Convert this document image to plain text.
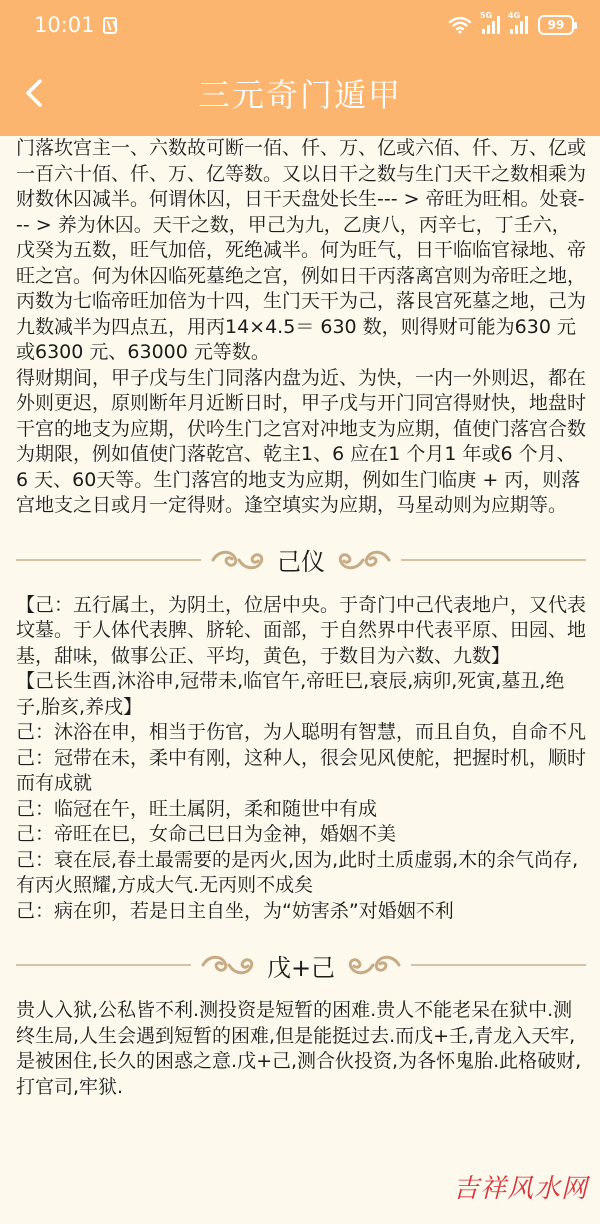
10:01	5G 4G
99
三元奇门遁甲

门落坎宫主一、六数故可断一佰、仟、万、亿或六佰、仟、万、亿或一百六十佰、仟、万、亿等数。又以日干之数与生门天干之数相乘为财数休囚减半。何谓休囚，日干天盘处长生--- > 帝旺为旺相。处衰--- > 养为休囚。天干之数，甲己为九，乙庚八，丙辛七，丁壬六，戊癸为五数，旺气加倍，死绝减半。何为旺气，日干临临官禄地、帝旺之宫。何为休囚临死墓绝之宫，例如日干丙落离宫则为帝旺之地，丙数为七临帝旺加倍为十四，生门天干为己，落艮宫死墓之地，己为九数减半为四点五，用丙14×4.5＝ 630 数，则得财可能为630 元或6300 元、63000 元等数。

得财期间，甲子戊与生门同落内盘为近、为快，一内一外则迟，都在外则更迟，原则断年月近断日时，甲子戊与开门同宫得财快，地盘时干宫的地支为应期，伏吟生门之宫对冲地支为应期，值使门落宫合数为期限，例如值使门落乾宫、乾主1、6 应在1 个月1 年或6 个月、6 天、60天等。生门落宫的地支为应期，例如生门临庚 + 丙，则落宫地支之日或月一定得财。逢空填实为应期，马星动则为应期等。

己仪

【己：五行属土，为阴土，位居中央。于奇门中己代表地户，又代表坟墓。于人体代表脾、脐轮、面部，于自然界中代表平原、田园、地基，甜味，做事公正、平均，黄色，于数目为六数、九数】

【己长生酉,沐浴申,冠带未,临官午,帝旺巳,衰辰,病卯,死寅,墓丑,绝子,胎亥,养戌】

己：沐浴在申，相当于伤官，为人聪明有智慧，而且自负，自命不凡

己：冠带在未，柔中有刚，这种人，很会见风使舵，把握时机，顺时而有成就

己：临冠在午，旺土属阴，柔和随世中有成

己：帝旺在巳，女命己巳日为金神，婚姻不美

己：衰在辰,春土最需要的是丙火,因为,此时土质虚弱,木的余气尚存,有丙火照耀,方成大气.无丙则不成矣

己：病在卯，若是日主自坐，为“妨害杀”对婚姻不利

戊+己

贵人入狱,公私皆不利.测投资是短暂的困难.贵人不能老呆在狱中.测终生局,人生会遇到短暂的困难,但是能挺过去.而戊+壬,青龙入天牢,是被困住,长久的困惑之意.戊+己,测合伙投资,为各怀鬼胎.此格破财,打官司,牢狱.

吉祥风水网
